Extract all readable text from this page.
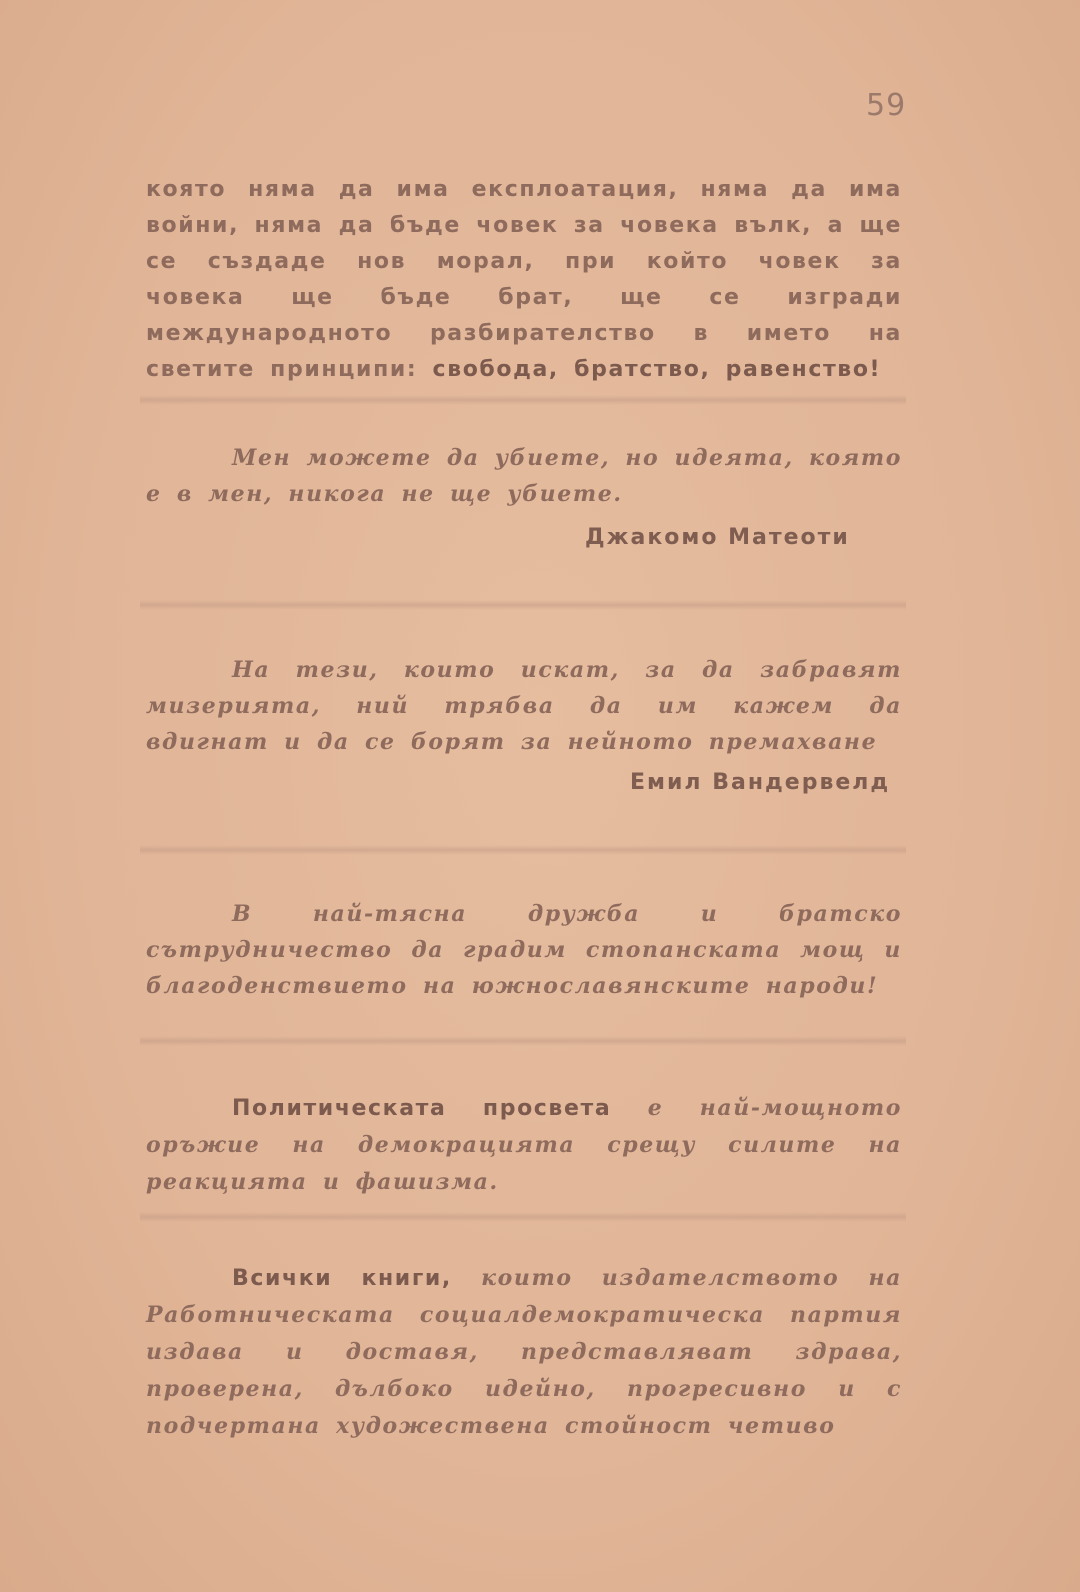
59

която няма да има експлоатация, няма да има войни, няма да бъде човек за човека вълк, а ще се създаде нов морал, при който човек за човека ще бъде брат, ще се изгради международното разбирателство в името на светите принципи: свобода, братство, равенство!

Мен можете да убиете, но идеята, която е в мен, никога не ще убиете.

Джакомо Матеоти

На тези, които искат, за да забравят мизерията, ний трябва да им кажем да вдигнат и да се борят за нейното премахване

Емил Вандервелд

В най-тясна дружба и братско сътрудничество да градим стопанската мощ и благоденствието на южнославянските народи!

Политическата просвета е най-мощното оръжие на демокрацията срещу силите на реакцията и фашизма.

Всички книги, които издателството на Работническата социалдемократическа партия издава и доставя, представляват здрава, проверена, дълбоко идейно, прогресивно и с подчертана художествена стойност четиво
